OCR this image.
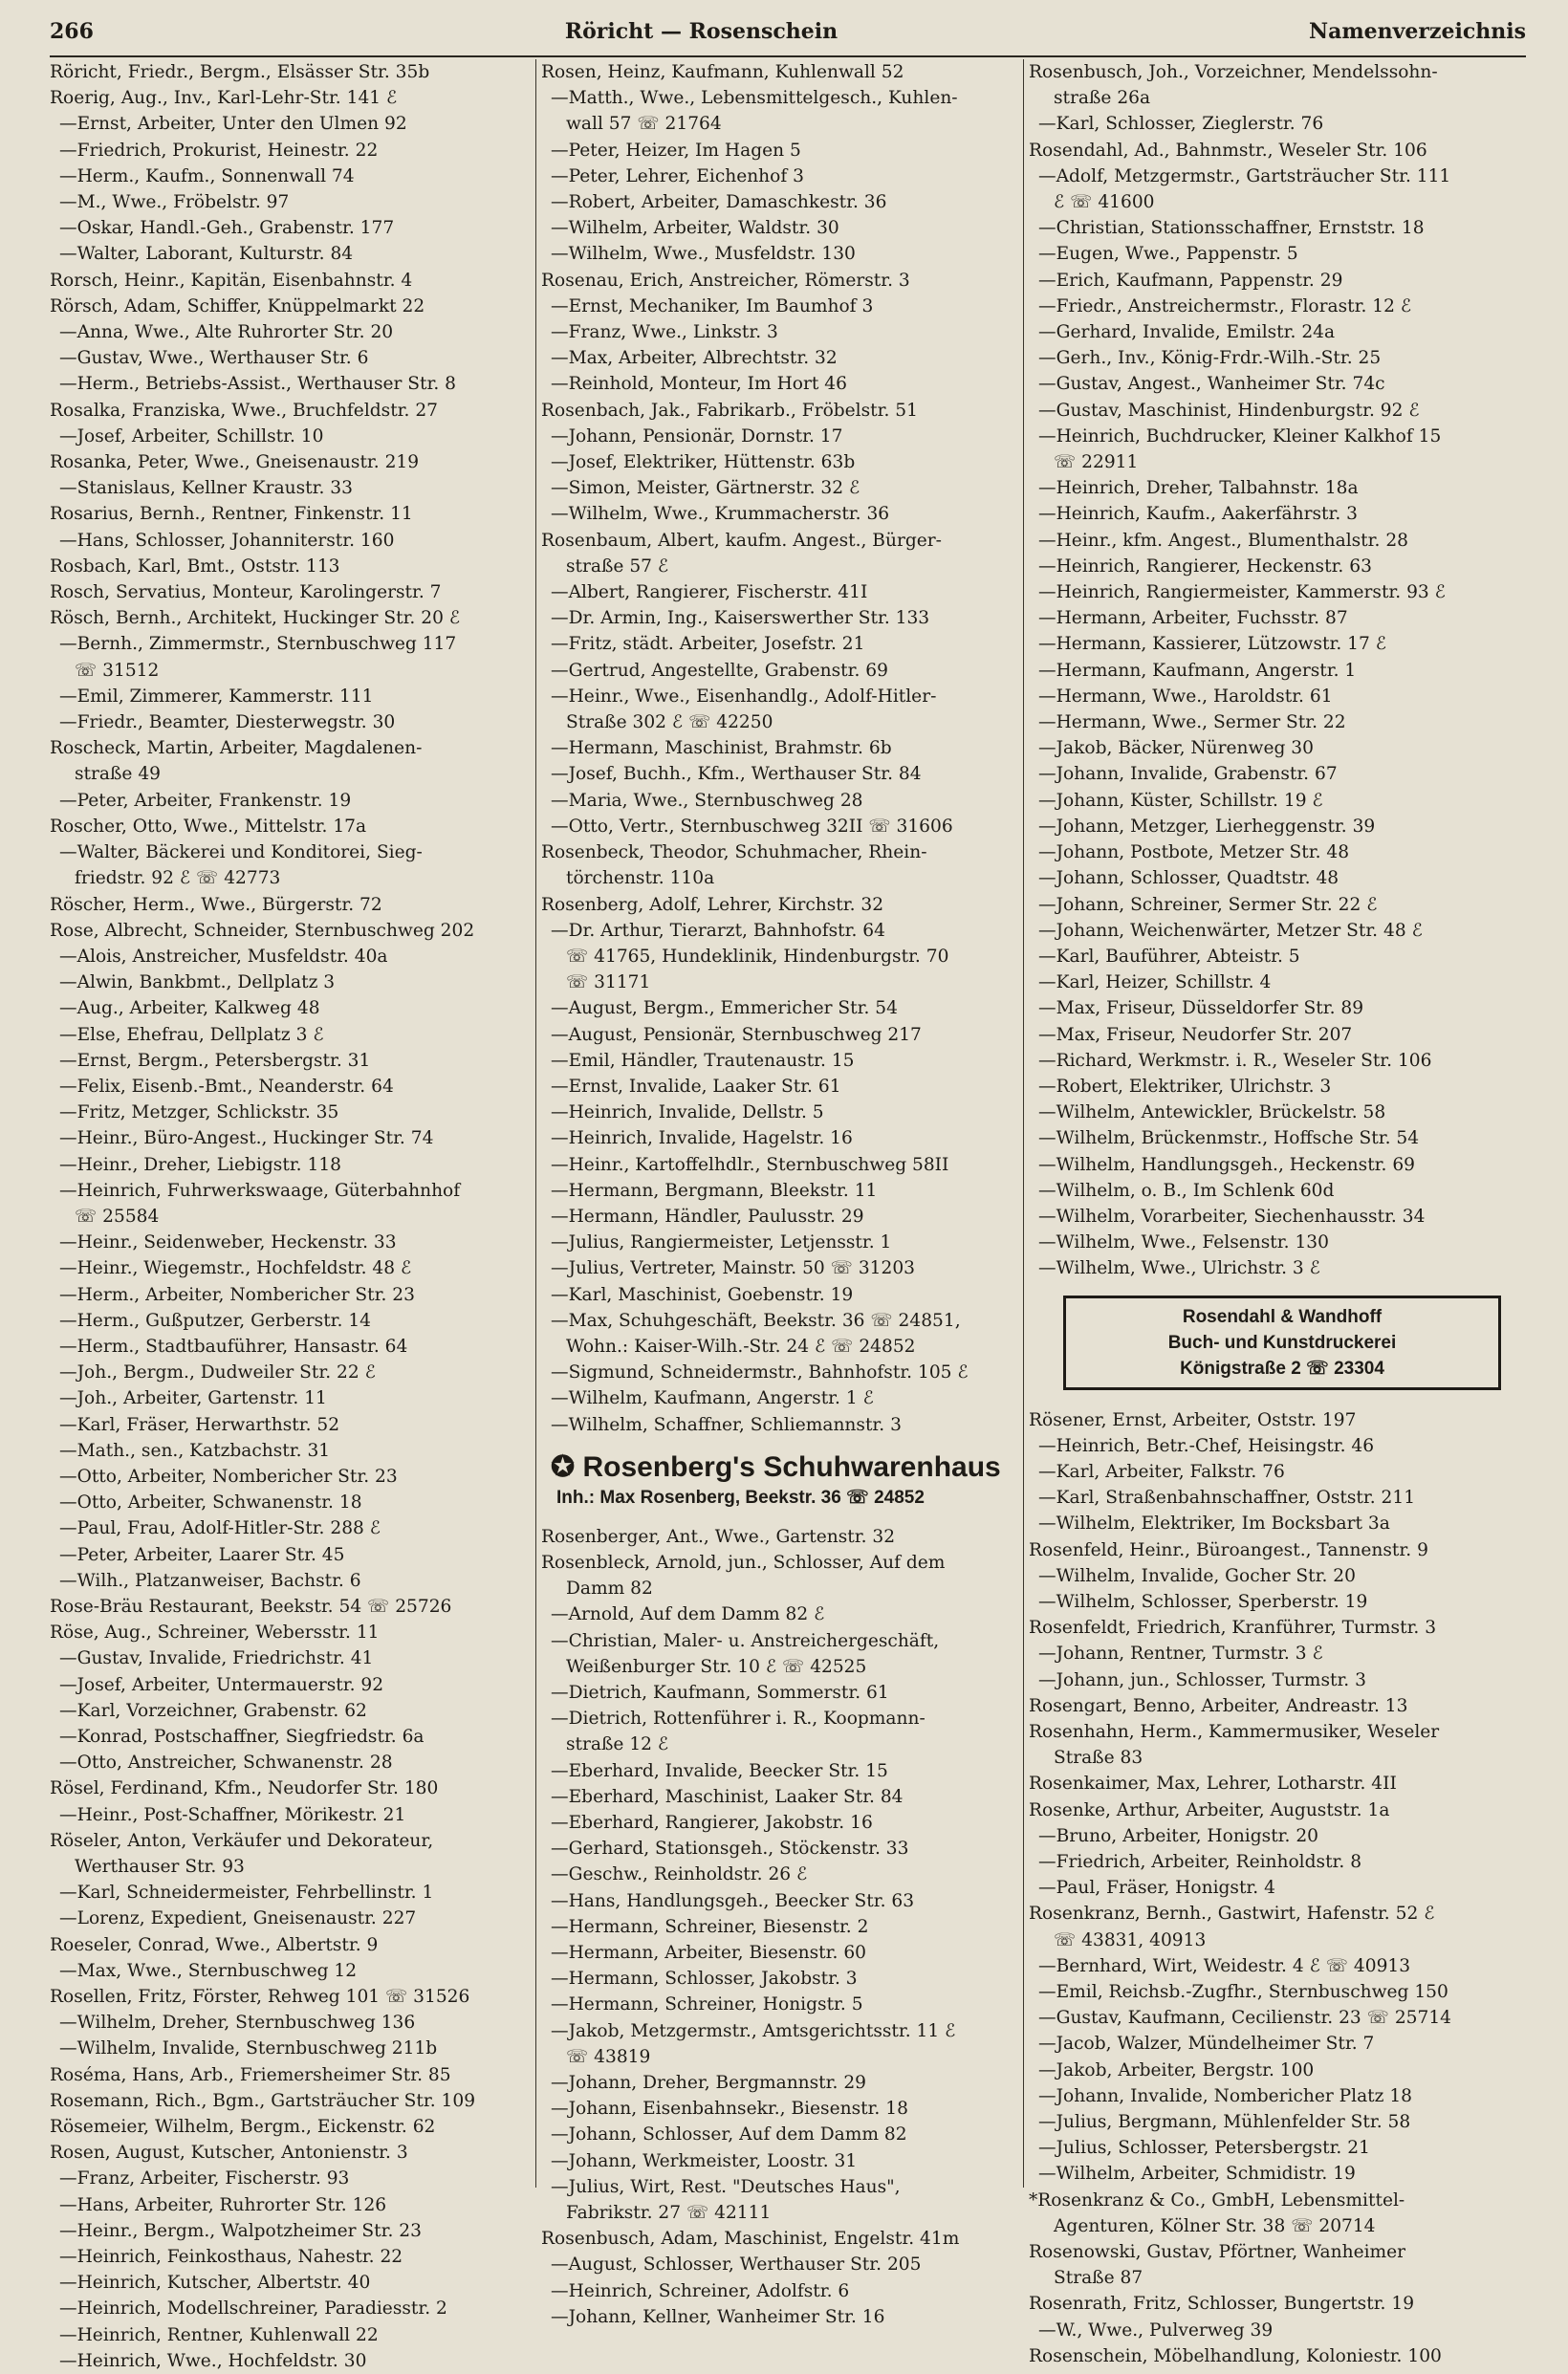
266	Röricht — Rosenschein	Namenverzeichnis
Röricht, Friedr., Bergm., Elsässer Str. 35b
Roerig, Aug., Inv., Karl-Lehr-Str. 141 ℰ
—Ernst, Arbeiter, Unter den Ulmen 92
—Friedrich, Prokurist, Heinestr. 22
—Herm., Kaufm., Sonnenwall 74
—M., Wwe., Fröbelstr. 97
—Oskar, Handl.-Geh., Grabenstr. 177
—Walter, Laborant, Kulturstr. 84
Rorsch, Heinr., Kapitän, Eisenbahnstr. 4
Rörsch, Adam, Schiffer, Knüppelmarkt 22
—Anna, Wwe., Alte Ruhrorter Str. 20
—Gustav, Wwe., Werthauser Str. 6
—Herm., Betriebs-Assist., Werthauser Str. 8
Rosalka, Franziska, Wwe., Bruchfeldstr. 27
—Josef, Arbeiter, Schillstr. 10
Rosanka, Peter, Wwe., Gneisenaustr. 219
—Stanislaus, Kellner Kraustr. 33
Rosarius, Bernh., Rentner, Finkenstr. 11
—Hans, Schlosser, Johanniterstr. 160
Rosbach, Karl, Bmt., Oststr. 113
Rosch, Servatius, Monteur, Karolingerstr. 7
Rösch, Bernh., Architekt, Huckinger Str. 20 ℰ
—Bernh., Zimmermstr., Sternbuschweg 117
☏ 31512
—Emil, Zimmerer, Kammerstr. 111
—Friedr., Beamter, Diesterwegstr. 30
Roscheck, Martin, Arbeiter, Magdalenen-
straße 49
—Peter, Arbeiter, Frankenstr. 19
Roscher, Otto, Wwe., Mittelstr. 17a
—Walter, Bäckerei und Konditorei, Sieg-
friedstr. 92 ℰ ☏ 42773
Röscher, Herm., Wwe., Bürgerstr. 72
Rose, Albrecht, Schneider, Sternbuschweg 202
—Alois, Anstreicher, Musfeldstr. 40a
—Alwin, Bankbmt., Dellplatz 3
—Aug., Arbeiter, Kalkweg 48
—Else, Ehefrau, Dellplatz 3 ℰ
—Ernst, Bergm., Petersbergstr. 31
—Felix, Eisenb.-Bmt., Neanderstr. 64
—Fritz, Metzger, Schlickstr. 35
—Heinr., Büro-Angest., Huckinger Str. 74
—Heinr., Dreher, Liebigstr. 118
—Heinrich, Fuhrwerkswaage, Güterbahnhof
☏ 25584
—Heinr., Seidenweber, Heckenstr. 33
—Heinr., Wiegemstr., Hochfeldstr. 48 ℰ
—Herm., Arbeiter, Nombericher Str. 23
—Herm., Gußputzer, Gerberstr. 14
—Herm., Stadtbauführer, Hansastr. 64
—Joh., Bergm., Dudweiler Str. 22 ℰ
—Joh., Arbeiter, Gartenstr. 11
—Karl, Fräser, Herwarthstr. 52
—Math., sen., Katzbachstr. 31
—Otto, Arbeiter, Nombericher Str. 23
—Otto, Arbeiter, Schwanenstr. 18
—Paul, Frau, Adolf-Hitler-Str. 288 ℰ
—Peter, Arbeiter, Laarer Str. 45
—Wilh., Platzanweiser, Bachstr. 6
Rose-Bräu Restaurant, Beekstr. 54 ☏ 25726
Röse, Aug., Schreiner, Webersstr. 11
—Gustav, Invalide, Friedrichstr. 41
—Josef, Arbeiter, Untermauerstr. 92
—Karl, Vorzeichner, Grabenstr. 62
—Konrad, Postschaffner, Siegfriedstr. 6a
—Otto, Anstreicher, Schwanenstr. 28
Rösel, Ferdinand, Kfm., Neudorfer Str. 180
—Heinr., Post-Schaffner, Mörikestr. 21
Röseler, Anton, Verkäufer und Dekorateur,
Werthauser Str. 93
—Karl, Schneidermeister, Fehrbellinstr. 1
—Lorenz, Expedient, Gneisenaustr. 227
Roeseler, Conrad, Wwe., Albertstr. 9
—Max, Wwe., Sternbuschweg 12
Rosellen, Fritz, Förster, Rehweg 101 ☏ 31526
—Wilhelm, Dreher, Sternbuschweg 136
—Wilhelm, Invalide, Sternbuschweg 211b
Roséma, Hans, Arb., Friemersheimer Str. 85
Rosemann, Rich., Bgm., Gartsträucher Str. 109
Rösemeier, Wilhelm, Bergm., Eickenstr. 62
Rosen, August, Kutscher, Antonienstr. 3
—Franz, Arbeiter, Fischerstr. 93
—Hans, Arbeiter, Ruhrorter Str. 126
—Heinr., Bergm., Walpotzheimer Str. 23
—Heinrich, Feinkosthaus, Nahestr. 22
—Heinrich, Kutscher, Albertstr. 40
—Heinrich, Modellschreiner, Paradiesstr. 2
—Heinrich, Rentner, Kuhlenwall 22
—Heinrich, Wwe., Hochfeldstr. 30
Rosen, Heinz, Kaufmann, Kuhlenwall 52
—Matth., Wwe., Lebensmittelgesch., Kuhlen-
wall 57 ☏ 21764
—Peter, Heizer, Im Hagen 5
—Peter, Lehrer, Eichenhof 3
—Robert, Arbeiter, Damaschkestr. 36
—Wilhelm, Arbeiter, Waldstr. 30
—Wilhelm, Wwe., Musfeldstr. 130
Rosenau, Erich, Anstreicher, Römerstr. 3
—Ernst, Mechaniker, Im Baumhof 3
—Franz, Wwe., Linkstr. 3
—Max, Arbeiter, Albrechtstr. 32
—Reinhold, Monteur, Im Hort 46
Rosenbach, Jak., Fabrikarb., Fröbelstr. 51
—Johann, Pensionär, Dornstr. 17
—Josef, Elektriker, Hüttenstr. 63b
—Simon, Meister, Gärtnerstr. 32 ℰ
—Wilhelm, Wwe., Krummacherstr. 36
Rosenbaum, Albert, kaufm. Angest., Bürger-
straße 57 ℰ
—Albert, Rangierer, Fischerstr. 41I
—Dr. Armin, Ing., Kaiserswerther Str. 133
—Fritz, städt. Arbeiter, Josefstr. 21
—Gertrud, Angestellte, Grabenstr. 69
—Heinr., Wwe., Eisenhandlg., Adolf-Hitler-
Straße 302 ℰ ☏ 42250
—Hermann, Maschinist, Brahmstr. 6b
—Josef, Buchh., Kfm., Werthauser Str. 84
—Maria, Wwe., Sternbuschweg 28
—Otto, Vertr., Sternbuschweg 32II ☏ 31606
Rosenbeck, Theodor, Schuhmacher, Rhein-
törchenstr. 110a
Rosenberg, Adolf, Lehrer, Kirchstr. 32
—Dr. Arthur, Tierarzt, Bahnhofstr. 64
☏ 41765, Hundeklinik, Hindenburgstr. 70
☏ 31171
—August, Bergm., Emmericher Str. 54
—August, Pensionär, Sternbuschweg 217
—Emil, Händler, Trautenaustr. 15
—Ernst, Invalide, Laaker Str. 61
—Heinrich, Invalide, Dellstr. 5
—Heinrich, Invalide, Hagelstr. 16
—Heinr., Kartoffelhdlr., Sternbuschweg 58II
—Hermann, Bergmann, Bleekstr. 11
—Hermann, Händler, Paulusstr. 29
—Julius, Rangiermeister, Letjensstr. 1
—Julius, Vertreter, Mainstr. 50 ☏ 31203
—Karl, Maschinist, Goebenstr. 19
—Max, Schuhgeschäft, Beekstr. 36 ☏ 24851,
Wohn.: Kaiser-Wilh.-Str. 24 ℰ ☏ 24852
—Sigmund, Schneidermstr., Bahnhofstr. 105 ℰ
—Wilhelm, Kaufmann, Angerstr. 1 ℰ
—Wilhelm, Schaffner, Schliemannstr. 3
✪ Rosenberg's Schuhwarenhaus
Inh.: Max Rosenberg, Beekstr. 36 ☏ 24852
Rosenberger, Ant., Wwe., Gartenstr. 32
Rosenbleck, Arnold, jun., Schlosser, Auf dem
Damm 82
—Arnold, Auf dem Damm 82 ℰ
—Christian, Maler- u. Anstreichergeschäft,
Weißenburger Str. 10 ℰ ☏ 42525
—Dietrich, Kaufmann, Sommerstr. 61
—Dietrich, Rottenführer i. R., Koopmann-
straße 12 ℰ
—Eberhard, Invalide, Beecker Str. 15
—Eberhard, Maschinist, Laaker Str. 84
—Eberhard, Rangierer, Jakobstr. 16
—Gerhard, Stationsgeh., Stöckenstr. 33
—Geschw., Reinholdstr. 26 ℰ
—Hans, Handlungsgeh., Beecker Str. 63
—Hermann, Schreiner, Biesenstr. 2
—Hermann, Arbeiter, Biesenstr. 60
—Hermann, Schlosser, Jakobstr. 3
—Hermann, Schreiner, Honigstr. 5
—Jakob, Metzgermstr., Amtsgerichtsstr. 11 ℰ
☏ 43819
—Johann, Dreher, Bergmannstr. 29
—Johann, Eisenbahnsekr., Biesenstr. 18
—Johann, Schlosser, Auf dem Damm 82
—Johann, Werkmeister, Loostr. 31
—Julius, Wirt, Rest. "Deutsches Haus",
Fabrikstr. 27 ☏ 42111
Rosenbusch, Adam, Maschinist, Engelstr. 41m
—August, Schlosser, Werthauser Str. 205
—Heinrich, Schreiner, Adolfstr. 6
—Johann, Kellner, Wanheimer Str. 16
Rosenbusch, Joh., Vorzeichner, Mendelssohn-
straße 26a
—Karl, Schlosser, Zieglerstr. 76
Rosendahl, Ad., Bahnmstr., Weseler Str. 106
—Adolf, Metzgermstr., Gartsträucher Str. 111
ℰ ☏ 41600
—Christian, Stationsschaffner, Ernststr. 18
—Eugen, Wwe., Pappenstr. 5
—Erich, Kaufmann, Pappenstr. 29
—Friedr., Anstreichermstr., Florastr. 12 ℰ
—Gerhard, Invalide, Emilstr. 24a
—Gerh., Inv., König-Frdr.-Wilh.-Str. 25
—Gustav, Angest., Wanheimer Str. 74c
—Gustav, Maschinist, Hindenburgstr. 92 ℰ
—Heinrich, Buchdrucker, Kleiner Kalkhof 15
☏ 22911
—Heinrich, Dreher, Talbahnstr. 18a
—Heinrich, Kaufm., Aakerfährstr. 3
—Heinr., kfm. Angest., Blumenthalstr. 28
—Heinrich, Rangierer, Heckenstr. 63
—Heinrich, Rangiermeister, Kammerstr. 93 ℰ
—Hermann, Arbeiter, Fuchsstr. 87
—Hermann, Kassierer, Lützowstr. 17 ℰ
—Hermann, Kaufmann, Angerstr. 1
—Hermann, Wwe., Haroldstr. 61
—Hermann, Wwe., Sermer Str. 22
—Jakob, Bäcker, Nürenweg 30
—Johann, Invalide, Grabenstr. 67
—Johann, Küster, Schillstr. 19 ℰ
—Johann, Metzger, Lierheggenstr. 39
—Johann, Postbote, Metzer Str. 48
—Johann, Schlosser, Quadtstr. 48
—Johann, Schreiner, Sermer Str. 22 ℰ
—Johann, Weichenwärter, Metzer Str. 48 ℰ
—Karl, Bauführer, Abteistr. 5
—Karl, Heizer, Schillstr. 4
—Max, Friseur, Düsseldorfer Str. 89
—Max, Friseur, Neudorfer Str. 207
—Richard, Werkmstr. i. R., Weseler Str. 106
—Robert, Elektriker, Ulrichstr. 3
—Wilhelm, Antewickler, Brückelstr. 58
—Wilhelm, Brückenmstr., Hoffsche Str. 54
—Wilhelm, Handlungsgeh., Heckenstr. 69
—Wilhelm, o. B., Im Schlenk 60d
—Wilhelm, Vorarbeiter, Siechenhausstr. 34
—Wilhelm, Wwe., Felsenstr. 130
—Wilhelm, Wwe., Ulrichstr. 3 ℰ
Rosendahl & Wandhoff
Buch- und Kunstdruckerei
Königstraße 2 ☏ 23304
Rösener, Ernst, Arbeiter, Oststr. 197
—Heinrich, Betr.-Chef, Heisingstr. 46
—Karl, Arbeiter, Falkstr. 76
—Karl, Straßenbahnschaffner, Oststr. 211
—Wilhelm, Elektriker, Im Bocksbart 3a
Rosenfeld, Heinr., Büroangest., Tannenstr. 9
—Wilhelm, Invalide, Gocher Str. 20
—Wilhelm, Schlosser, Sperberstr. 19
Rosenfeldt, Friedrich, Kranführer, Turmstr. 3
—Johann, Rentner, Turmstr. 3 ℰ
—Johann, jun., Schlosser, Turmstr. 3
Rosengart, Benno, Arbeiter, Andreastr. 13
Rosenhahn, Herm., Kammermusiker, Weseler
Straße 83
Rosenkaimer, Max, Lehrer, Lotharstr. 4II
Rosenke, Arthur, Arbeiter, Auguststr. 1a
—Bruno, Arbeiter, Honigstr. 20
—Friedrich, Arbeiter, Reinholdstr. 8
—Paul, Fräser, Honigstr. 4
Rosenkranz, Bernh., Gastwirt, Hafenstr. 52 ℰ
☏ 43831, 40913
—Bernhard, Wirt, Weidestr. 4 ℰ ☏ 40913
—Emil, Reichsb.-Zugfhr., Sternbuschweg 150
—Gustav, Kaufmann, Cecilienstr. 23 ☏ 25714
—Jacob, Walzer, Mündelheimer Str. 7
—Jakob, Arbeiter, Bergstr. 100
—Johann, Invalide, Nombericher Platz 18
—Julius, Bergmann, Mühlenfelder Str. 58
—Julius, Schlosser, Petersbergstr. 21
—Wilhelm, Arbeiter, Schmidistr. 19
*Rosenkranz & Co., GmbH, Lebensmittel-
Agenturen, Kölner Str. 38 ☏ 20714
Rosenowski, Gustav, Pförtner, Wanheimer
Straße 87
Rosenrath, Fritz, Schlosser, Bungertstr. 19
—W., Wwe., Pulverweg 39
Rosenschein, Möbelhandlung, Koloniestr. 100
